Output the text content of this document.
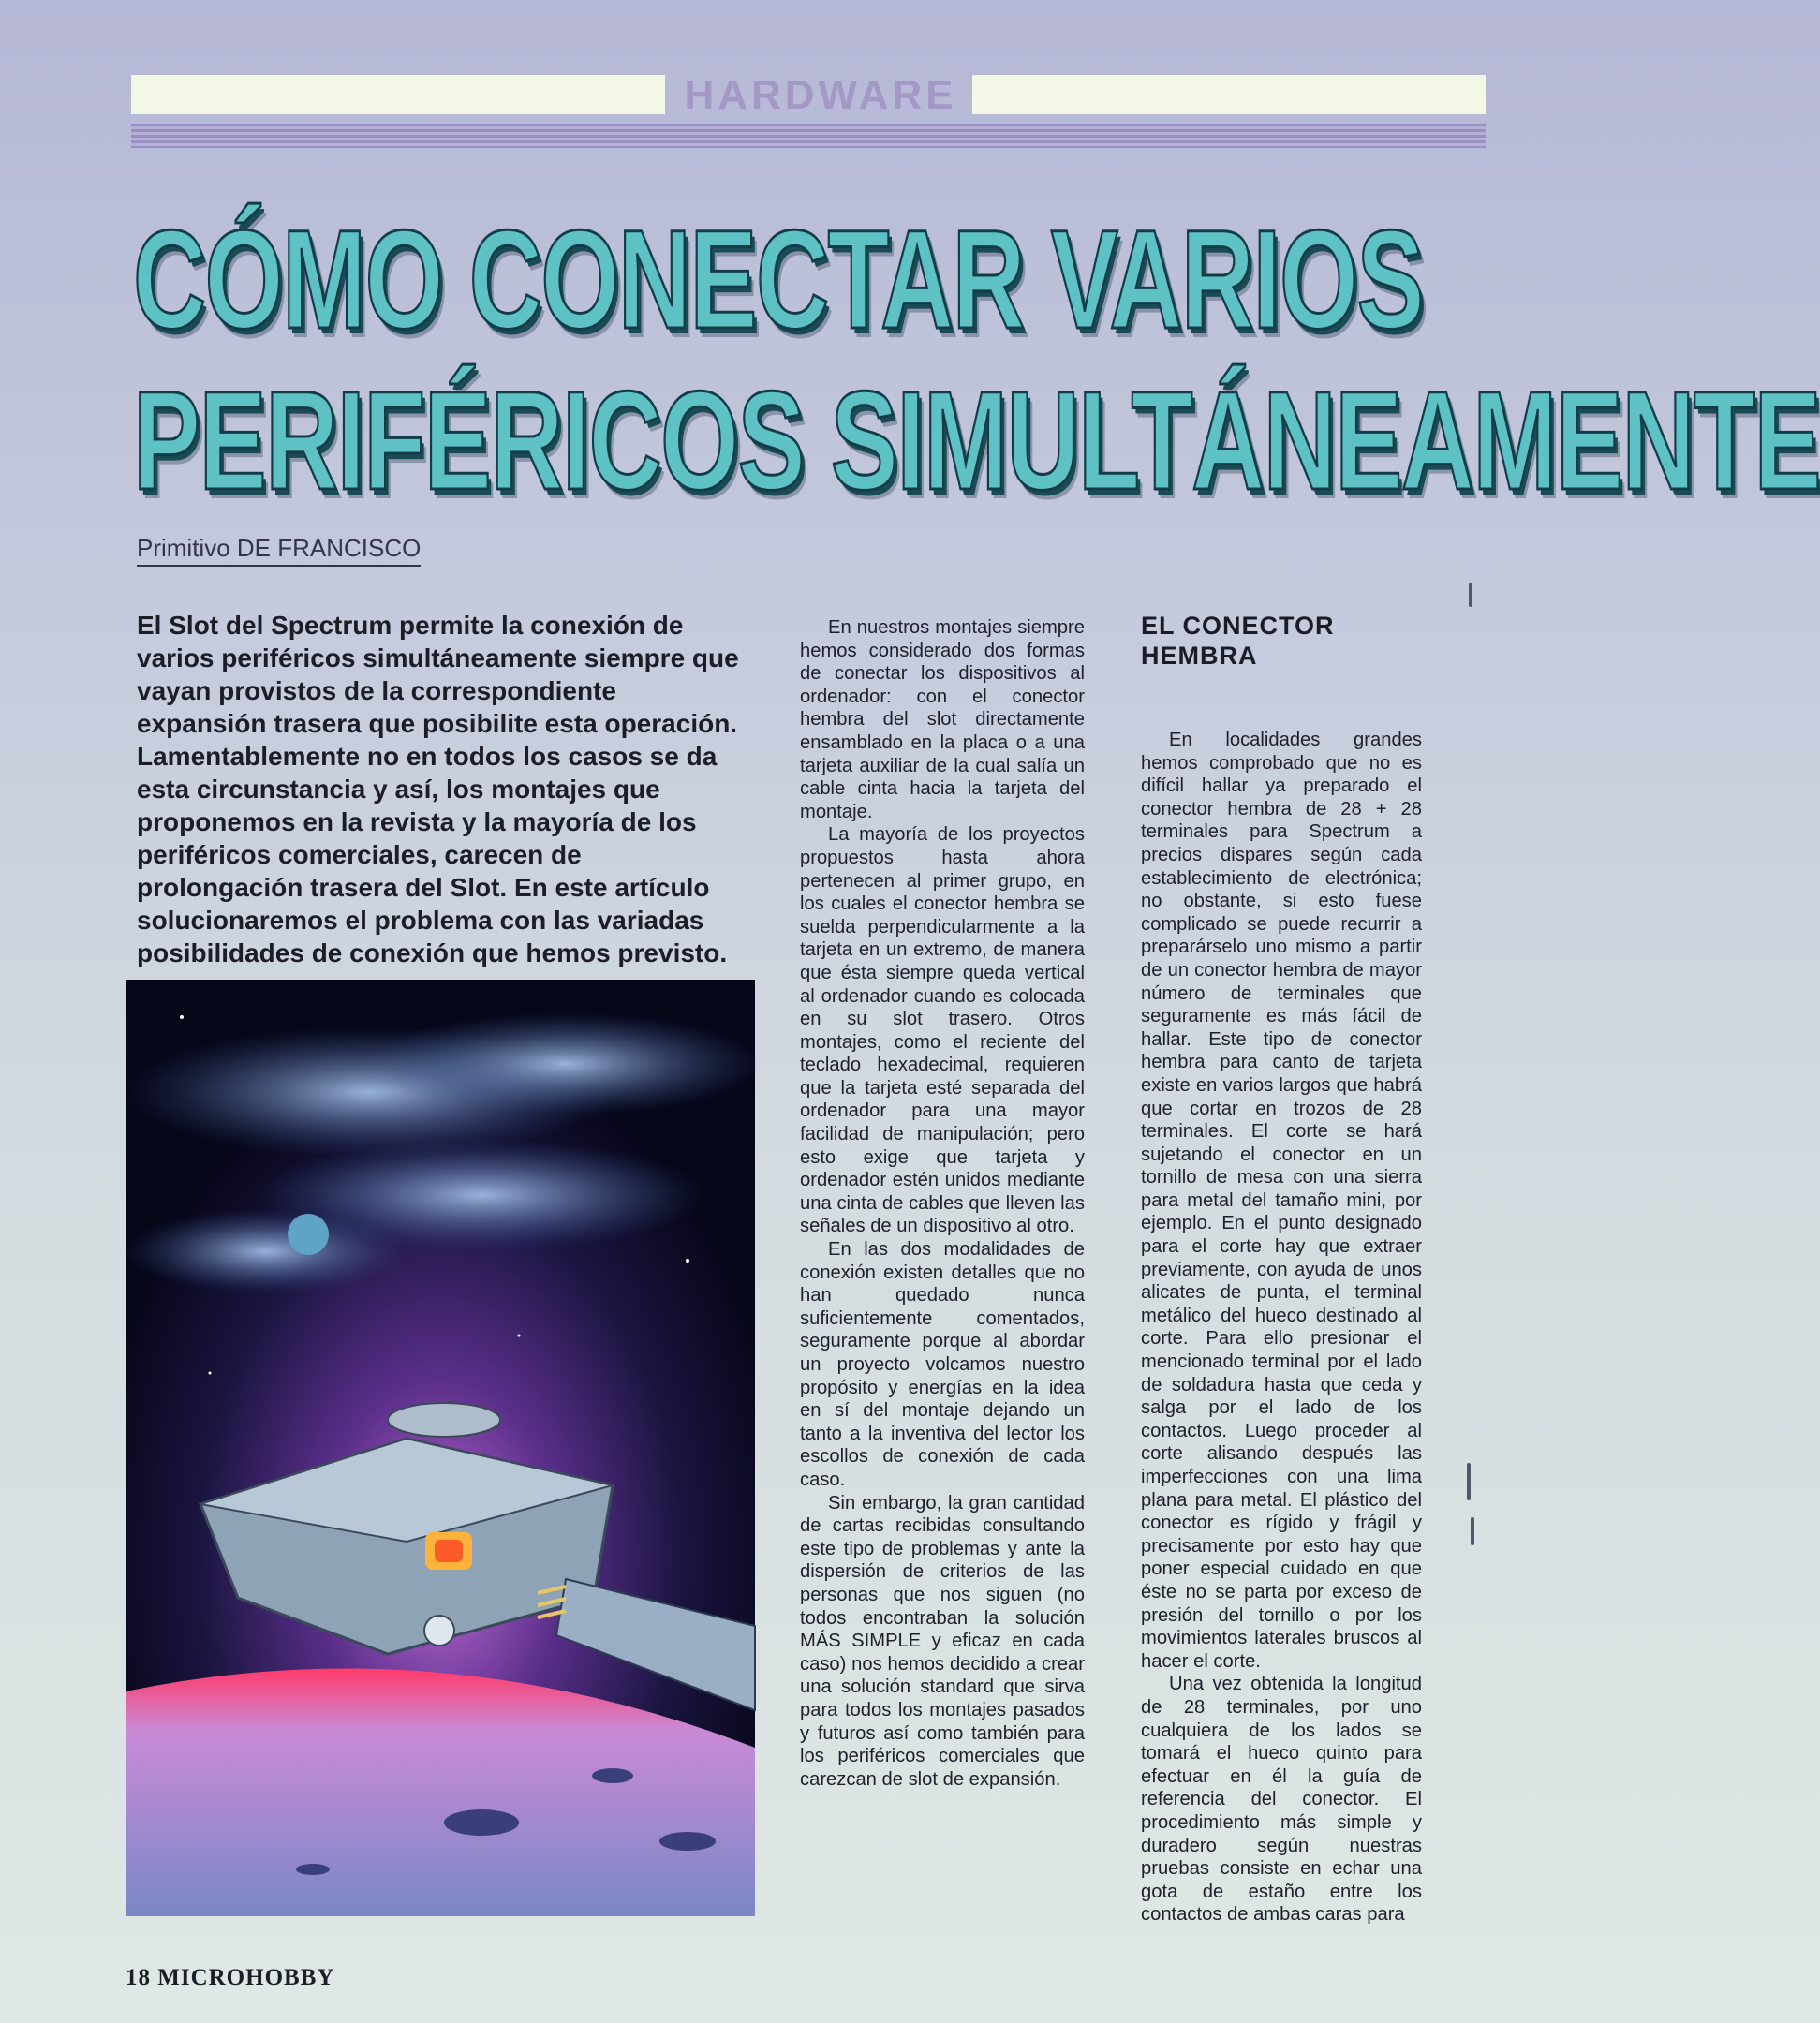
HARDWARE
CÓMO CONECTAR VARIOS
PERIFÉRICOS SIMULTÁNEAMENTE
Primitivo DE FRANCISCO

El Slot del Spectrum permite la conexión de varios periféricos simultáneamente siempre que vayan provistos de la correspondiente expansión trasera que posibilite esta operación. Lamentablemente no en todos los casos se da esta circunstancia y así, los montajes que proponemos en la revista y la mayoría de los periféricos comerciales, carecen de prolongación trasera del Slot. En este artículo solucionaremos el problema con las variadas posibilidades de conexión que hemos previsto.

En nuestros montajes siempre hemos considerado dos formas de conectar los dispositivos al ordenador: con el conector hembra del slot directamente ensamblado en la placa o a una tarjeta auxiliar de la cual salía un cable cinta hacia la tarjeta del montaje.

La mayoría de los proyectos propuestos hasta ahora pertenecen al primer grupo, en los cuales el conector hembra se suelda perpendicularmente a la tarjeta en un extremo, de manera que ésta siempre queda vertical al ordenador cuando es colocada en su slot trasero. Otros montajes, como el reciente del teclado hexadecimal, requieren que la tarjeta esté separada del ordenador para una mayor facilidad de manipulación; pero esto exige que tarjeta y ordenador estén unidos mediante una cinta de cables que lleven las señales de un dispositivo al otro.

En las dos modalidades de conexión existen detalles que no han quedado nunca suficientemente comentados, seguramente porque al abordar un proyecto volcamos nuestro propósito y energías en la idea en sí del montaje dejando un tanto a la inventiva del lector los escollos de conexión de cada caso.

Sin embargo, la gran cantidad de cartas recibidas consultando este tipo de problemas y ante la dispersión de criterios de las personas que nos siguen (no todos encontraban la solución MÁS SIMPLE y eficaz en cada caso) nos hemos decidido a crear una solución standard que sirva para todos los montajes pasados y futuros así como también para los periféricos comerciales que carezcan de slot de expansión.

EL CONECTOR HEMBRA

En localidades grandes hemos comprobado que no es difícil hallar ya preparado el conector hembra de 28 + 28 terminales para Spectrum a precios dispares según cada establecimiento de electrónica; no obstante, si esto fuese complicado se puede recurrir a preparárselo uno mismo a partir de un conector hembra de mayor número de terminales que seguramente es más fácil de hallar. Este tipo de conector hembra para canto de tarjeta existe en varios largos que habrá que cortar en trozos de 28 terminales. El corte se hará sujetando el conector en un tornillo de mesa con una sierra para metal del tamaño mini, por ejemplo. En el punto designado para el corte hay que extraer previamente, con ayuda de unos alicates de punta, el terminal metálico del hueco destinado al corte. Para ello presionar el mencionado terminal por el lado de soldadura hasta que ceda y salga por el lado de los contactos. Luego proceder al corte alisando después las imperfecciones con una lima plana para metal. El plástico del conector es rígido y frágil y precisamente por esto hay que poner especial cuidado en que éste no se parta por exceso de presión del tornillo o por los movimientos laterales bruscos al hacer el corte.

Una vez obtenida la longitud de 28 terminales, por uno cualquiera de los lados se tomará el hueco quinto para efectuar en él la guía de referencia del conector. El procedimiento más simple y duradero según nuestras pruebas consiste en echar una gota de estaño entre los contactos de ambas caras para

18 MICROHOBBY
